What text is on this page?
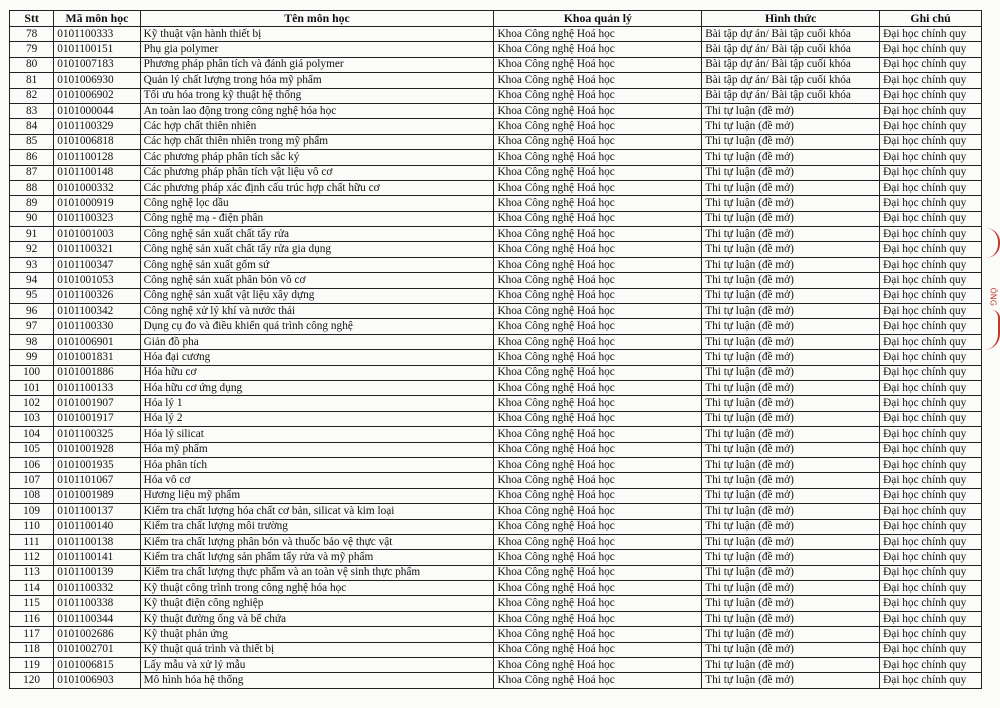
Stt	Mã môn học	Tên môn học	Khoa quản lý	Hình thức	Ghi chú
78	0101100333	Kỹ thuật vận hành thiết bị	Khoa Công nghệ Hoá học	Bài tập dự án/ Bài tập cuối khóa	Đại học chính quy
79	0101100151	Phụ gia polymer	Khoa Công nghệ Hoá học	Bài tập dự án/ Bài tập cuối khóa	Đại học chính quy
80	0101007183	Phương pháp phân tích và đánh giá polymer	Khoa Công nghệ Hoá học	Bài tập dự án/ Bài tập cuối khóa	Đại học chính quy
81	0101006930	Quản lý chất lượng trong hóa mỹ phẩm	Khoa Công nghệ Hoá học	Bài tập dự án/ Bài tập cuối khóa	Đại học chính quy
82	0101006902	Tối ưu hóa trong kỹ thuật hệ thống	Khoa Công nghệ Hoá học	Bài tập dự án/ Bài tập cuối khóa	Đại học chính quy
83	0101000044	An toàn lao động trong công nghệ hóa học	Khoa Công nghệ Hoá học	Thi tự luận (đề mở)	Đại học chính quy
84	0101100329	Các hợp chất thiên nhiên	Khoa Công nghệ Hoá học	Thi tự luận (đề mở)	Đại học chính quy
85	0101006818	Các hợp chất thiên nhiên trong mỹ phẩm	Khoa Công nghệ Hoá học	Thi tự luận (đề mở)	Đại học chính quy
86	0101100128	Các phương pháp phân tích sắc ký	Khoa Công nghệ Hoá học	Thi tự luận (đề mở)	Đại học chính quy
87	0101100148	Các phương pháp phân tích vật liệu vô cơ	Khoa Công nghệ Hoá học	Thi tự luận (đề mở)	Đại học chính quy
88	0101000332	Các phương pháp xác định cấu trúc hợp chất hữu cơ	Khoa Công nghệ Hoá học	Thi tự luận (đề mở)	Đại học chính quy
89	0101000919	Công nghệ lọc dầu	Khoa Công nghệ Hoá học	Thi tự luận (đề mở)	Đại học chính quy
90	0101100323	Công nghệ mạ - điện phân	Khoa Công nghệ Hoá học	Thi tự luận (đề mở)	Đại học chính quy
91	0101001003	Công nghệ sản xuất chất tẩy rửa	Khoa Công nghệ Hoá học	Thi tự luận (đề mở)	Đại học chính quy
92	0101100321	Công nghệ sản xuất chất tẩy rửa gia dụng	Khoa Công nghệ Hoá học	Thi tự luận (đề mở)	Đại học chính quy
93	0101100347	Công nghệ sản xuất gốm sứ	Khoa Công nghệ Hoá học	Thi tự luận (đề mở)	Đại học chính quy
94	0101001053	Công nghệ sản xuất phân bón vô cơ	Khoa Công nghệ Hoá học	Thi tự luận (đề mở)	Đại học chính quy
95	0101100326	Công nghệ sản xuất vật liệu xây dựng	Khoa Công nghệ Hoá học	Thi tự luận (đề mở)	Đại học chính quy
96	0101100342	Công nghệ xử lý khí và nước thải	Khoa Công nghệ Hoá học	Thi tự luận (đề mở)	Đại học chính quy
97	0101100330	Dụng cụ đo và điều khiển quá trình công nghệ	Khoa Công nghệ Hoá học	Thi tự luận (đề mở)	Đại học chính quy
98	0101006901	Giản đồ pha	Khoa Công nghệ Hoá học	Thi tự luận (đề mở)	Đại học chính quy
99	0101001831	Hóa đại cương	Khoa Công nghệ Hoá học	Thi tự luận (đề mở)	Đại học chính quy
100	0101001886	Hóa hữu cơ	Khoa Công nghệ Hoá học	Thi tự luận (đề mở)	Đại học chính quy
101	0101100133	Hóa hữu cơ ứng dụng	Khoa Công nghệ Hoá học	Thi tự luận (đề mở)	Đại học chính quy
102	0101001907	Hóa lý 1	Khoa Công nghệ Hoá học	Thi tự luận (đề mở)	Đại học chính quy
103	0101001917	Hóa lý 2	Khoa Công nghệ Hoá học	Thi tự luận (đề mở)	Đại học chính quy
104	0101100325	Hóa lý silicat	Khoa Công nghệ Hoá học	Thi tự luận (đề mở)	Đại học chính quy
105	0101001928	Hóa mỹ phẩm	Khoa Công nghệ Hoá học	Thi tự luận (đề mở)	Đại học chính quy
106	0101001935	Hóa phân tích	Khoa Công nghệ Hoá học	Thi tự luận (đề mở)	Đại học chính quy
107	0101101067	Hóa vô cơ	Khoa Công nghệ Hoá học	Thi tự luận (đề mở)	Đại học chính quy
108	0101001989	Hương liệu mỹ phẩm	Khoa Công nghệ Hoá học	Thi tự luận (đề mở)	Đại học chính quy
109	0101100137	Kiểm tra chất lượng hóa chất cơ bản, silicat và kim loại	Khoa Công nghệ Hoá học	Thi tự luận (đề mở)	Đại học chính quy
110	0101100140	Kiểm tra chất lượng môi trường	Khoa Công nghệ Hoá học	Thi tự luận (đề mở)	Đại học chính quy
111	0101100138	Kiểm tra chất lượng phân bón và thuốc bảo vệ thực vật	Khoa Công nghệ Hoá học	Thi tự luận (đề mở)	Đại học chính quy
112	0101100141	Kiểm tra chất lượng sản phẩm tẩy rửa và mỹ phẩm	Khoa Công nghệ Hoá học	Thi tự luận (đề mở)	Đại học chính quy
113	0101100139	Kiểm tra chất lượng thực phẩm và an toàn vệ sinh thực phẩm	Khoa Công nghệ Hoá học	Thi tự luận (đề mở)	Đại học chính quy
114	0101100332	Kỹ thuật công trình trong công nghệ hóa học	Khoa Công nghệ Hoá học	Thi tự luận (đề mở)	Đại học chính quy
115	0101100338	Kỹ thuật điện công nghiệp	Khoa Công nghệ Hoá học	Thi tự luận (đề mở)	Đại học chính quy
116	0101100344	Kỹ thuật đường ống và bể chứa	Khoa Công nghệ Hoá học	Thi tự luận (đề mở)	Đại học chính quy
117	0101002686	Kỹ thuật phản ứng	Khoa Công nghệ Hoá học	Thi tự luận (đề mở)	Đại học chính quy
118	0101002701	Kỹ thuật quá trình và thiết bị	Khoa Công nghệ Hoá học	Thi tự luận (đề mở)	Đại học chính quy
119	0101006815	Lấy mẫu và xử lý mẫu	Khoa Công nghệ Hoá học	Thi tự luận (đề mở)	Đại học chính quy
120	0101006903	Mô hình hóa hệ thống	Khoa Công nghệ Hoá học	Thi tự luận (đề mở)	Đại học chính quy
ÔNG
